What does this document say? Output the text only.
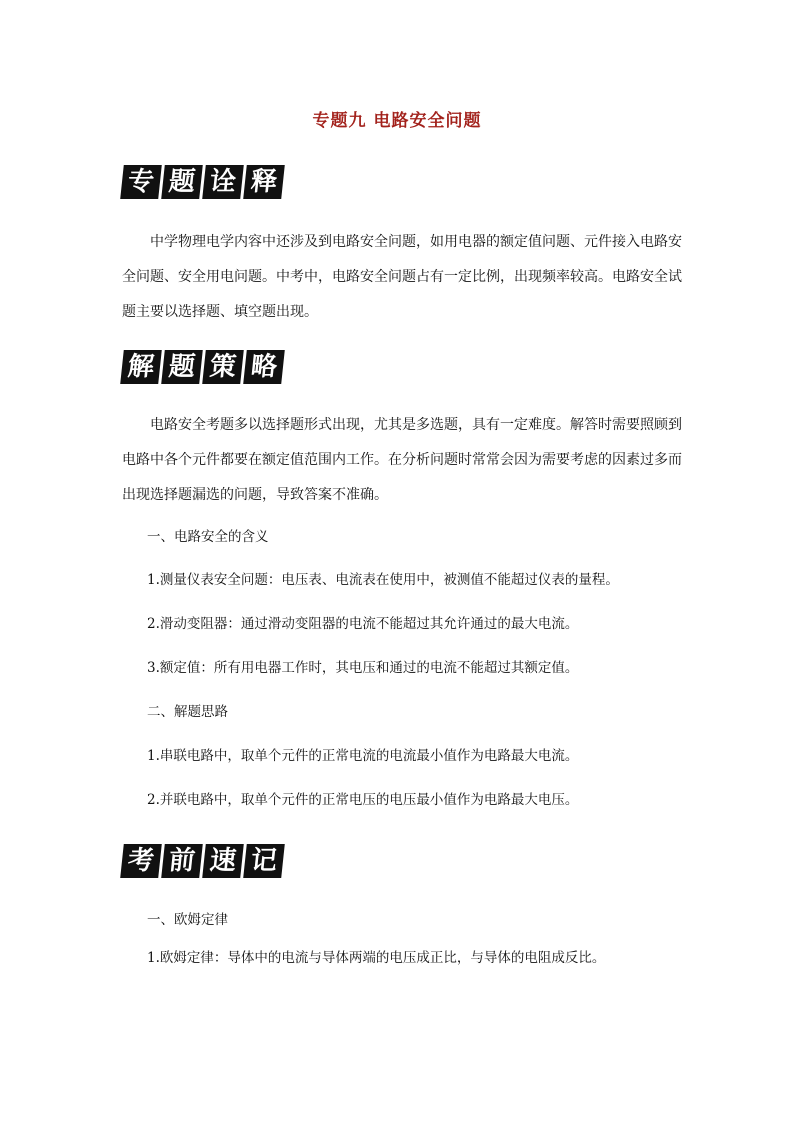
专题九 电路安全问题
专 题 诠 释

中学物理电学内容中还涉及到电路安全问题，如用电器的额定值问题、元件接入电路安全问题、安全用电问题。中考中，电路安全问题占有一定比例，出现频率较高。电路安全试题主要以选择题、填空题出现。

解 题 策 略

电路安全考题多以选择题形式出现，尤其是多选题，具有一定难度。解答时需要照顾到电路中各个元件都要在额定值范围内工作。在分析问题时常常会因为需要考虑的因素过多而出现选择题漏选的问题，导致答案不准确。

一、电路安全的含义

1.测量仪表安全问题：电压表、电流表在使用中，被测值不能超过仪表的量程。

2.滑动变阻器：通过滑动变阻器的电流不能超过其允许通过的最大电流。

3.额定值：所有用电器工作时，其电压和通过的电流不能超过其额定值。

二、解题思路

1.串联电路中，取单个元件的正常电流的电流最小值作为电路最大电流。

2.并联电路中，取单个元件的正常电压的电压最小值作为电路最大电压。

考 前 速 记

一、欧姆定律

1.欧姆定律：导体中的电流与导体两端的电压成正比，与导体的电阻成反比。
